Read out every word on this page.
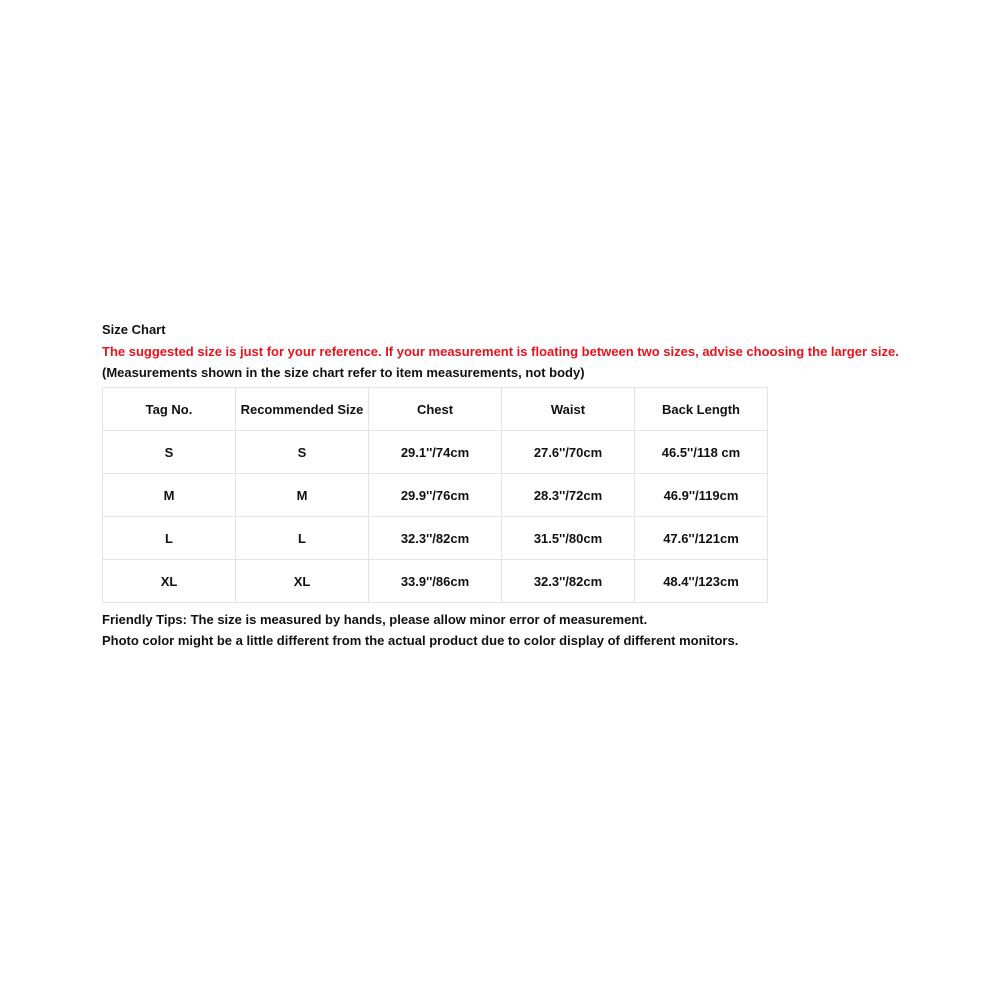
Size Chart
The suggested size is just for your reference. If your measurement is floating between two sizes, advise choosing the larger size.
(Measurements shown in the size chart refer to item measurements, not body)
Tag No.	Recommended Size	Chest	Waist	Back Length
S	S	29.1''/74cm	27.6''/70cm	46.5''/118 cm
M	M	29.9''/76cm	28.3''/72cm	46.9''/119cm
L	L	32.3''/82cm	31.5''/80cm	47.6''/121cm
XL	XL	33.9''/86cm	32.3''/82cm	48.4''/123cm
Friendly Tips: The size is measured by hands, please allow minor error of measurement.
Photo color might be a little different from the actual product due to color display of different monitors.
